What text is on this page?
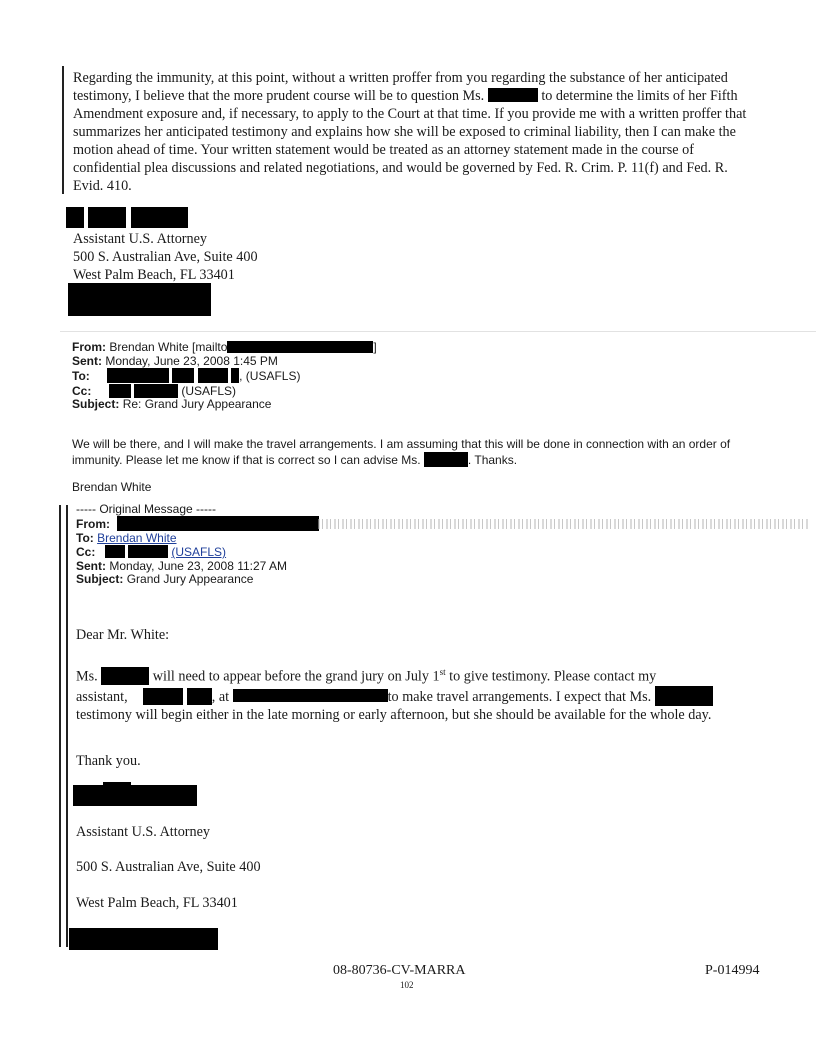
Regarding the immunity, at this point, without a written proffer from you regarding the substance of her anticipated testimony, I believe that the more prudent course will be to question Ms.	to determine the limits of her Fifth Amendment exposure and, if necessary, to apply to the Court at that time. If you provide me with a written proffer that summarizes her anticipated testimony and explains how she will be exposed to criminal liability, then I can make the motion ahead of time. Your written statement would be treated as an attorney statement made in the course of confidential plea discussions and related negotiations, and would be governed by Fed. R. Crim. P. 11(f) and Fed. R. Evid. 410.
Assistant U.S. Attorney
500 S. Australian Ave, Suite 400
West Palm Beach, FL 33401
From: Brendan White [mailto	]
Sent: Monday, June 23, 2008 1:45 PM
To:	, (USAFLS)
Cc:	(USAFLS)
Subject: Re: Grand Jury Appearance
We will be there, and I will make the travel arrangements. I am assuming that this will be done in connection with an order of immunity. Please let me know if that is correct so I can advise Ms.	. Thanks.
Brendan White
----- Original Message -----
From:
To: Brendan White
Cc:	(USAFLS)
Sent: Monday, June 23, 2008 11:27 AM
Subject: Grand Jury Appearance
Dear Mr. White:
Ms.	will need to appear before the grand jury on July 1st to give testimony. Please contact my
assistant,	, at	to make travel arrangements. I expect that Ms.
testimony will begin either in the late morning or early afternoon, but she should be available for the whole day.
Thank you.
Assistant U.S. Attorney
500 S. Australian Ave, Suite 400
West Palm Beach, FL 33401
08-80736-CV-MARRA
102
P-014994
